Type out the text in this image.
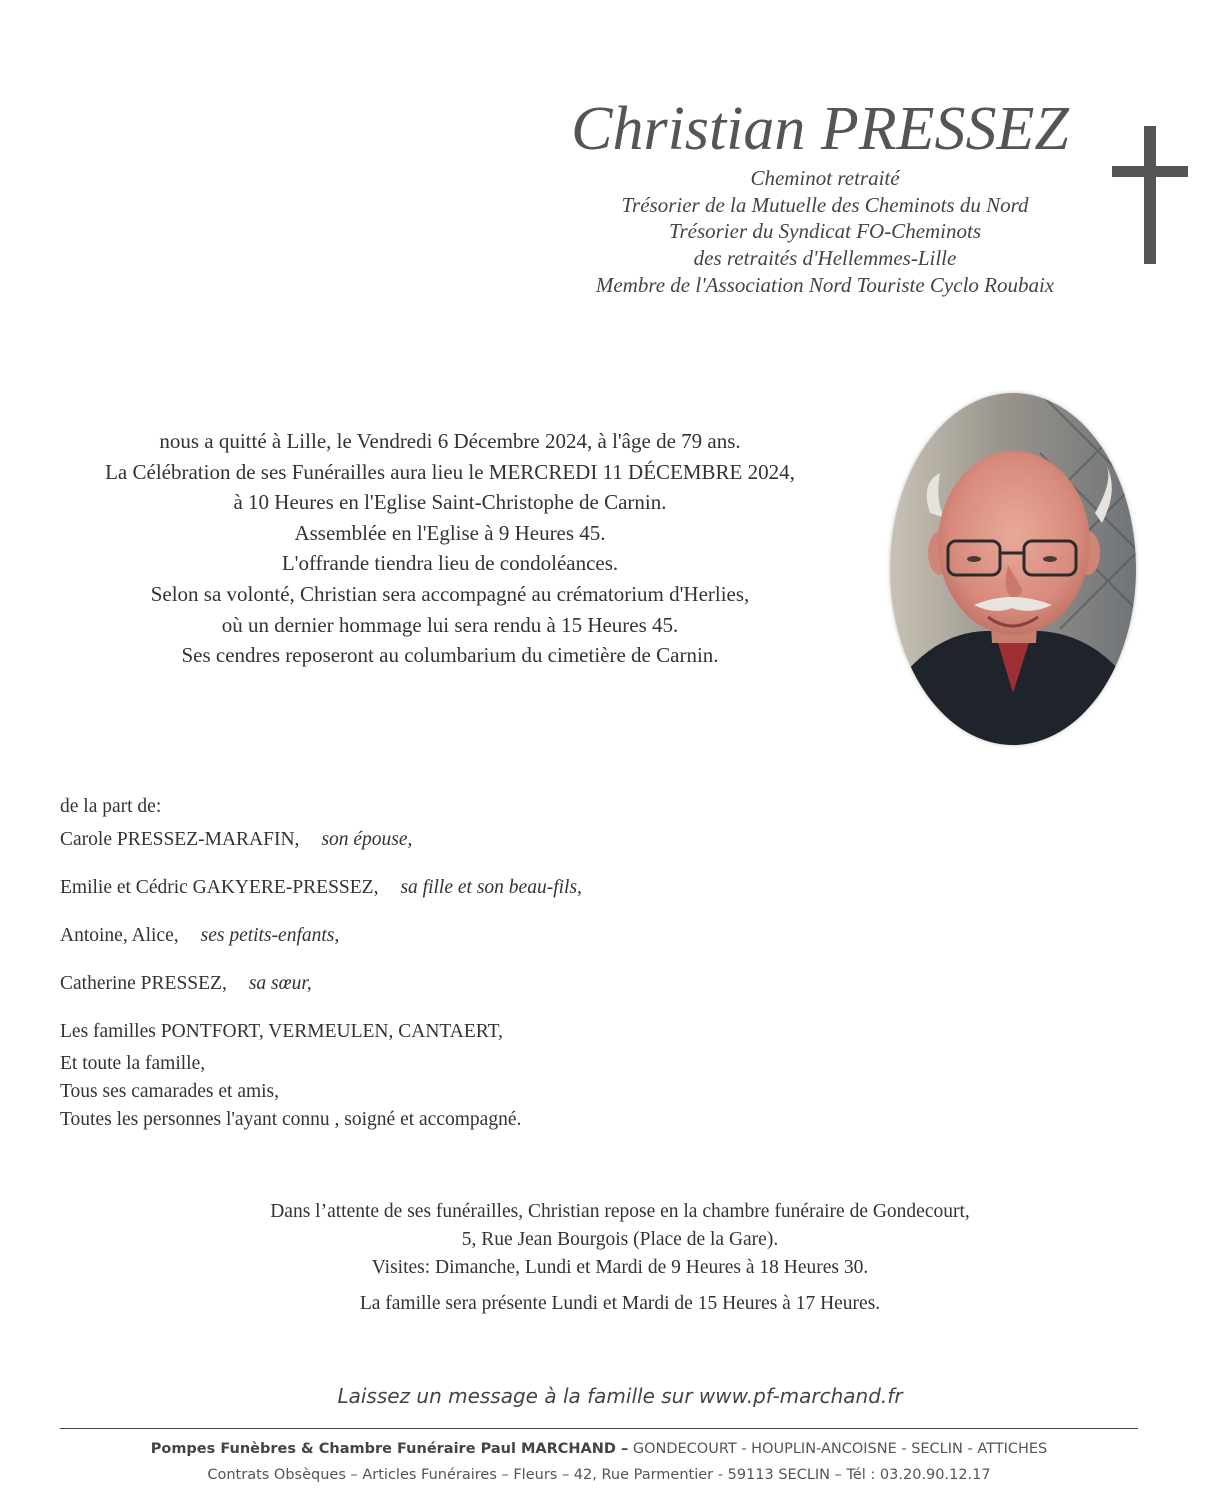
Christian PRESSEZ
Cheminot retraité
Trésorier de la Mutuelle des Cheminots du Nord
Trésorier du Syndicat FO-Cheminots
des retraités d'Hellemmes-Lille
Membre de l'Association Nord Touriste Cyclo Roubaix
nous a quitté à Lille, le Vendredi 6 Décembre 2024, à l'âge de 79 ans.
La Célébration de ses Funérailles aura lieu le MERCREDI 11 DÉCEMBRE 2024,
à 10 Heures en l'Eglise Saint-Christophe de Carnin.
Assemblée en l'Eglise à 9 Heures 45.
L'offrande tiendra lieu de condoléances.
Selon sa volonté, Christian sera accompagné au crématorium d'Herlies,
où un dernier hommage lui sera rendu à 15 Heures 45.
Ses cendres reposeront au columbarium du cimetière de Carnin.
de la part de:
Carole PRESSEZ-MARAFIN, son épouse,
Emilie et Cédric GAKYERE-PRESSEZ, sa fille et son beau-fils,
Antoine, Alice, ses petits-enfants,
Catherine PRESSEZ, sa sœur,
Les familles PONTFORT, VERMEULEN, CANTAERT,
Et toute la famille,
Tous ses camarades et amis,
Toutes les personnes l'ayant connu , soigné et accompagné.
Dans l’attente de ses funérailles, Christian repose en la chambre funéraire de Gondecourt,
5, Rue Jean Bourgois (Place de la Gare).
Visites: Dimanche, Lundi et Mardi de 9 Heures à 18 Heures 30.
La famille sera présente Lundi et Mardi de 15 Heures à 17 Heures.
Laissez un message à la famille sur www.pf-marchand.fr
Pompes Funèbres & Chambre Funéraire Paul MARCHAND – GONDECOURT - HOUPLIN-ANCOISNE - SECLIN - ATTICHES
Contrats Obsèques – Articles Funéraires – Fleurs – 42, Rue Parmentier - 59113 SECLIN – Tél : 03.20.90.12.17
